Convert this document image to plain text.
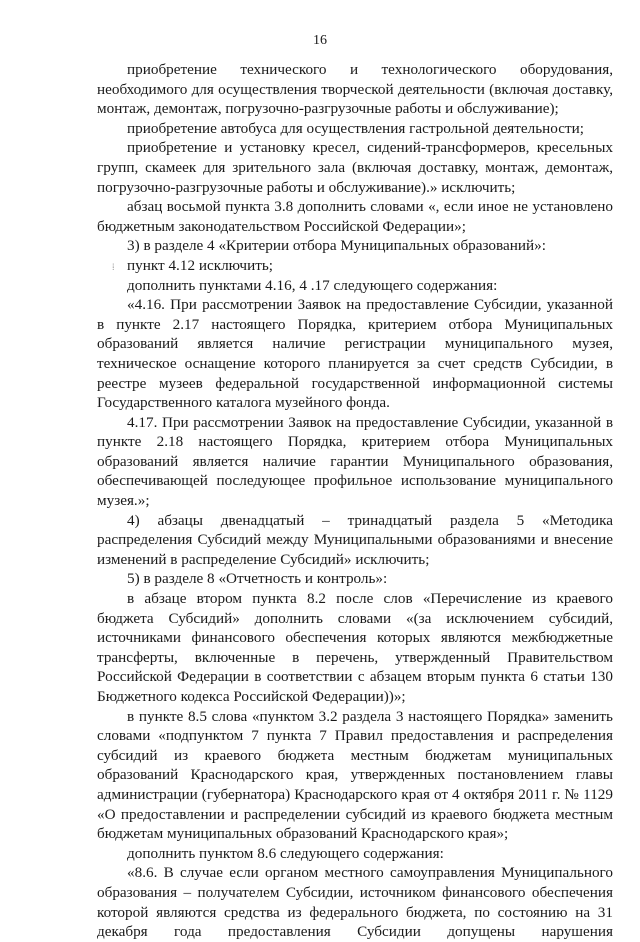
16
⁞

приобретение технического и технологического оборудования, необходимого для осуществления творческой деятельности (включая доставку, монтаж, демонтаж, погрузочно-разгрузочные работы и обслуживание);

приобретение автобуса для осуществления гастрольной деятельности;

приобретение и установку кресел, сидений-трансформеров, кресельных групп, скамеек для зрительного зала (включая доставку, монтаж, демонтаж, погрузочно-разгрузочные работы и обслуживание).» исключить;

абзац восьмой пункта 3.8 дополнить словами «, если иное не установлено бюджетным законодательством Российской Федерации»;

3) в разделе 4 «Критерии отбора Муниципальных образований»:

пункт 4.12 исключить;

дополнить пунктами 4.16, 4 .17 следующего содержания:

«4.16. При рассмотрении Заявок на предоставление Субсидии, указанной в пункте 2.17 настоящего Порядка, критерием отбора Муниципальных образований является наличие регистрации муниципального музея, техническое оснащение которого планируется за счет средств Субсидии, в реестре музеев федеральной государственной информационной системы Государственного каталога музейного фонда.

4.17. При рассмотрении Заявок на предоставление Субсидии, указанной в пункте 2.18 настоящего Порядка, критерием отбора Муниципальных образований является наличие гарантии Муниципального образования, обеспечивающей последующее профильное использование муниципального музея.»;

4) абзацы двенадцатый – тринадцатый раздела 5 «Методика распределения Субсидий между Муниципальными образованиями и внесение изменений в распределение Субсидий» исключить;

5) в разделе 8 «Отчетность и контроль»:

в абзаце втором пункта 8.2 после слов «Перечисление из краевого бюджета Субсидий» дополнить словами «(за исключением субсидий, источниками финансового обеспечения которых являются межбюджетные трансферты, включенные в перечень, утвержденный Правительством Российской Федерации в соответствии с абзацем вторым пункта 6 статьи 130 Бюджетного кодекса Российской Федерации))»;

в пункте 8.5 слова «пунктом 3.2 раздела 3 настоящего Порядка» заменить словами «подпунктом 7 пункта 7 Правил предоставления и распределения субсидий из краевого бюджета местным бюджетам муниципальных образований Краснодарского края, утвержденных постановлением главы администрации (губернатора) Краснодарского края от 4 октября 2011 г. № 1129 «О предоставлении и распределении субсидий из краевого бюджета местным бюджетам муниципальных образований Краснодарского края»;

дополнить пунктом 8.6 следующего содержания:

«8.6. В случае если органом местного самоуправления Муниципального образования – получателем Субсидии, источником финансового обеспечения которой являются средства из федерального бюджета, по состоянию на 31 декабря года предоставления Субсидии допущены нарушения
